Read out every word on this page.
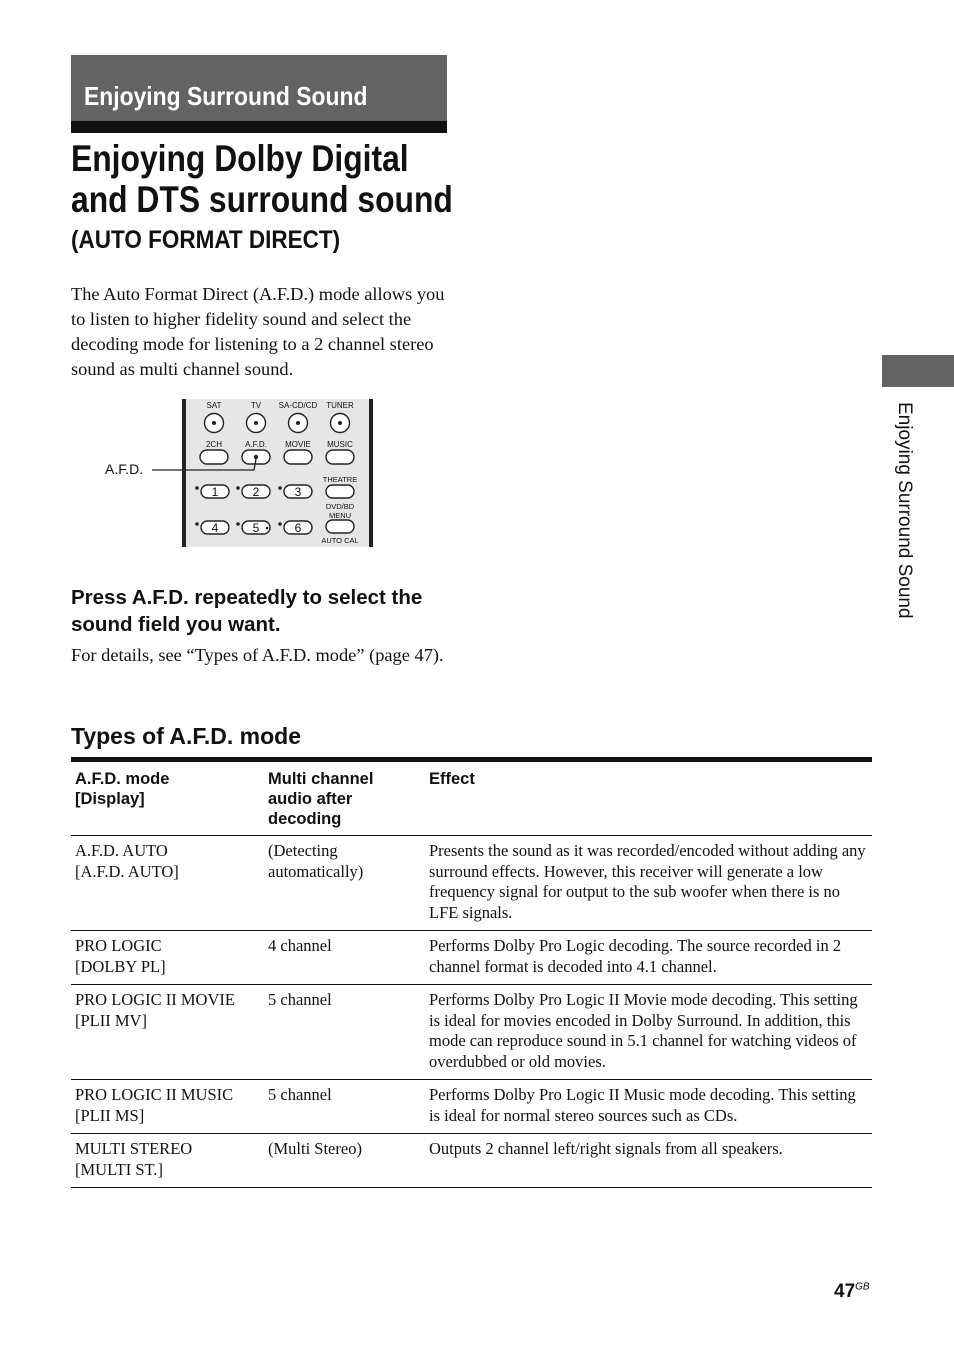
Enjoying Surround Sound
Enjoying Dolby Digital
and DTS surround sound
(AUTO FORMAT DIRECT)

The Auto Format Direct (A.F.D.) mode allows you to listen to higher fidelity sound and select the decoding mode for listening to a 2 channel stereo sound as multi channel sound.

A.F.D.
SAT	TV SA-CD/CD TUNER
2CH	A.F.D. MOVIE MUSIC
THEATRE
1	2	3
DVD/BD
MENU
4	5	6
AUTO CAL
Press A.F.D. repeatedly to select the sound field you want.

For details, see “Types of A.F.D. mode” (page 47).

Types of A.F.D. mode
A.F.D. mode
[Display]	Multi channel
audio after
decoding	Effect
A.F.D. AUTO
[A.F.D. AUTO]	(Detecting automatically)	Presents the sound as it was recorded/encoded without adding any surround effects. However, this receiver will generate a low frequency signal for output to the sub woofer when there is no LFE signals.
PRO LOGIC
[DOLBY PL]	4 channel	Performs Dolby Pro Logic decoding. The source recorded in 2 channel format is decoded into 4.1 channel.
PRO LOGIC II MOVIE
[PLII MV]	5 channel	Performs Dolby Pro Logic II Movie mode decoding. This setting is ideal for movies encoded in Dolby Surround. In addition, this mode can reproduce sound in 5.1 channel for watching videos of overdubbed or old movies.
PRO LOGIC II MUSIC
[PLII MS]	5 channel	Performs Dolby Pro Logic II Music mode decoding. This setting is ideal for normal stereo sources such as CDs.
MULTI STEREO
[MULTI ST.]	(Multi Stereo)	Outputs 2 channel left/right signals from all speakers.
Enjoying Surround Sound
$47^{GB}$
